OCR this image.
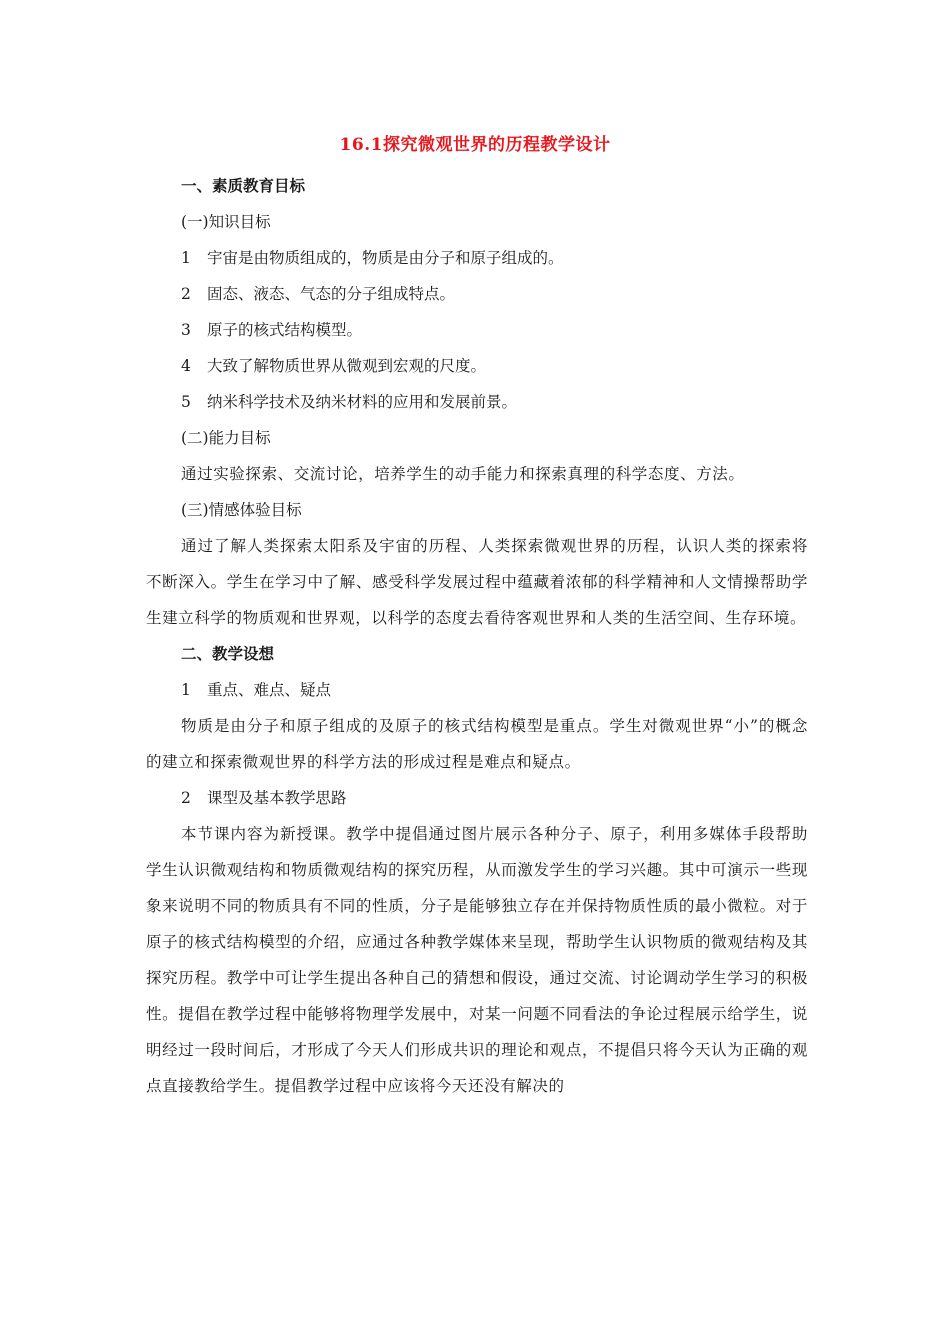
16.1探究微观世界的历程教学设计
一、素质教育目标
(一)知识目标
1 宇宙是由物质组成的，物质是由分子和原子组成的。
2 固态、液态、气态的分子组成特点。
3 原子的核式结构模型。
4 大致了解物质世界从微观到宏观的尺度。
5 纳米科学技术及纳米材料的应用和发展前景。
(二)能力目标
通过实验探索、交流讨论，培养学生的动手能力和探索真理的科学态度、方法。
(三)情感体验目标
通过了解人类探索太阳系及宇宙的历程、人类探索微观世界的历程，认识人类的探索将不断深入。学生在学习中了解、感受科学发展过程中蕴藏着浓郁的科学精神和人文情操帮助学生建立科学的物质观和世界观，以科学的态度去看待客观世界和人类的生活空间、生存环境。
二、教学设想
1 重点、难点、疑点
物质是由分子和原子组成的及原子的核式结构模型是重点。学生对微观世界“小”的概念的建立和探索微观世界的科学方法的形成过程是难点和疑点。
2 课型及基本教学思路
本节课内容为新授课。教学中提倡通过图片展示各种分子、原子，利用多媒体手段帮助学生认识微观结构和物质微观结构的探究历程，从而激发学生的学习兴趣。其中可演示一些现象来说明不同的物质具有不同的性质，分子是能够独立存在并保持物质性质的最小微粒。对于原子的核式结构模型的介绍，应通过各种教学媒体来呈现，帮助学生认识物质的微观结构及其探究历程。教学中可让学生提出各种自己的猜想和假设，通过交流、讨论调动学生学习的积极性。提倡在教学过程中能够将物理学发展中，对某一问题不同看法的争论过程展示给学生，说明经过一段时间后，才形成了今天人们形成共识的理论和观点，不提倡只将今天认为正确的观点直接教给学生。提倡教学过程中应该将今天还没有解决的
